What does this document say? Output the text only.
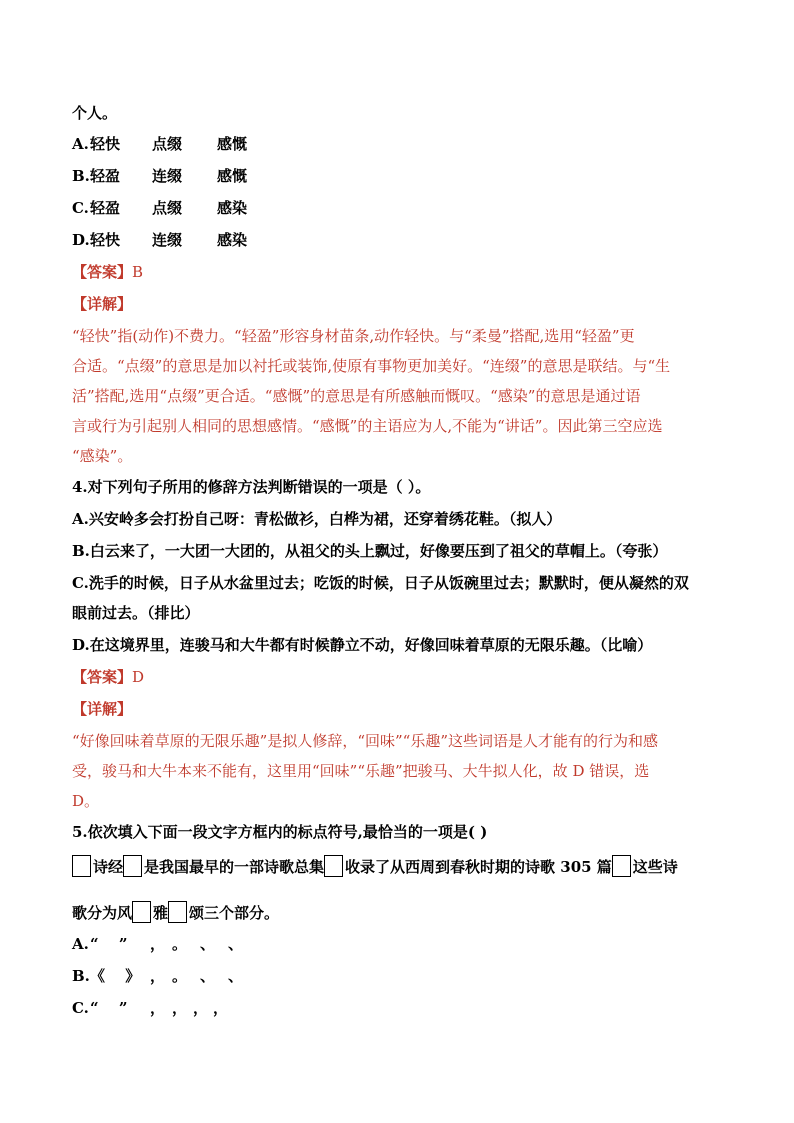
个人。
A. 轻快 点缀 感慨
B. 轻盈 连缀 感慨
C. 轻盈 点缀 感染
D. 轻快 连缀 感染
【答案】B
【详解】
“轻快”指(动作)不费力。“轻盈”形容身材苗条,动作轻快。与“柔曼”搭配,选用“轻盈”更
合适。“点缀”的意思是加以衬托或装饰,使原有事物更加美好。“连缀”的意思是联结。与“生
活”搭配,选用“点缀”更合适。“感慨”的意思是有所感触而慨叹。“感染”的意思是通过语
言或行为引起别人相同的思想感情。“感慨”的主语应为人,不能为“讲话”。因此第三空应选
“感染”。
4.对下列句子所用的修辞方法判断错误的一项是（ ）。
A.兴安岭多会打扮自己呀：青松做衫，白桦为裙，还穿着绣花鞋。（拟人）
B.白云来了，一大团一大团的，从祖父的头上飘过，好像要压到了祖父的草帽上。（夸张）
C.洗手的时候，日子从水盆里过去；吃饭的时候，日子从饭碗里过去；默默时，便从凝然的双
眼前过去。（排比）
D.在这境界里，连骏马和大牛都有时候静立不动，好像回味着草原的无限乐趣。（比喻）
【答案】D
【详解】
“好像回味着草原的无限乐趣”是拟人修辞，“回味”“乐趣”这些词语是人才能有的行为和感
受，骏马和大牛本来不能有，这里用“回味”“乐趣”把骏马、大牛拟人化，故 D 错误，选
D。
5.依次填入下面一段文字方框内的标点符号,最恰当的一项是( )
诗经 是我国最早的一部诗歌总集 收录了从西周到春秋时期的诗歌 305 篇 这些诗
歌分为风 雅 颂三个部分。
A. “　 ” ， 。 、 、
B. 《　 》 ， 。 、 、
C. “　 ” ， ， ， ，
